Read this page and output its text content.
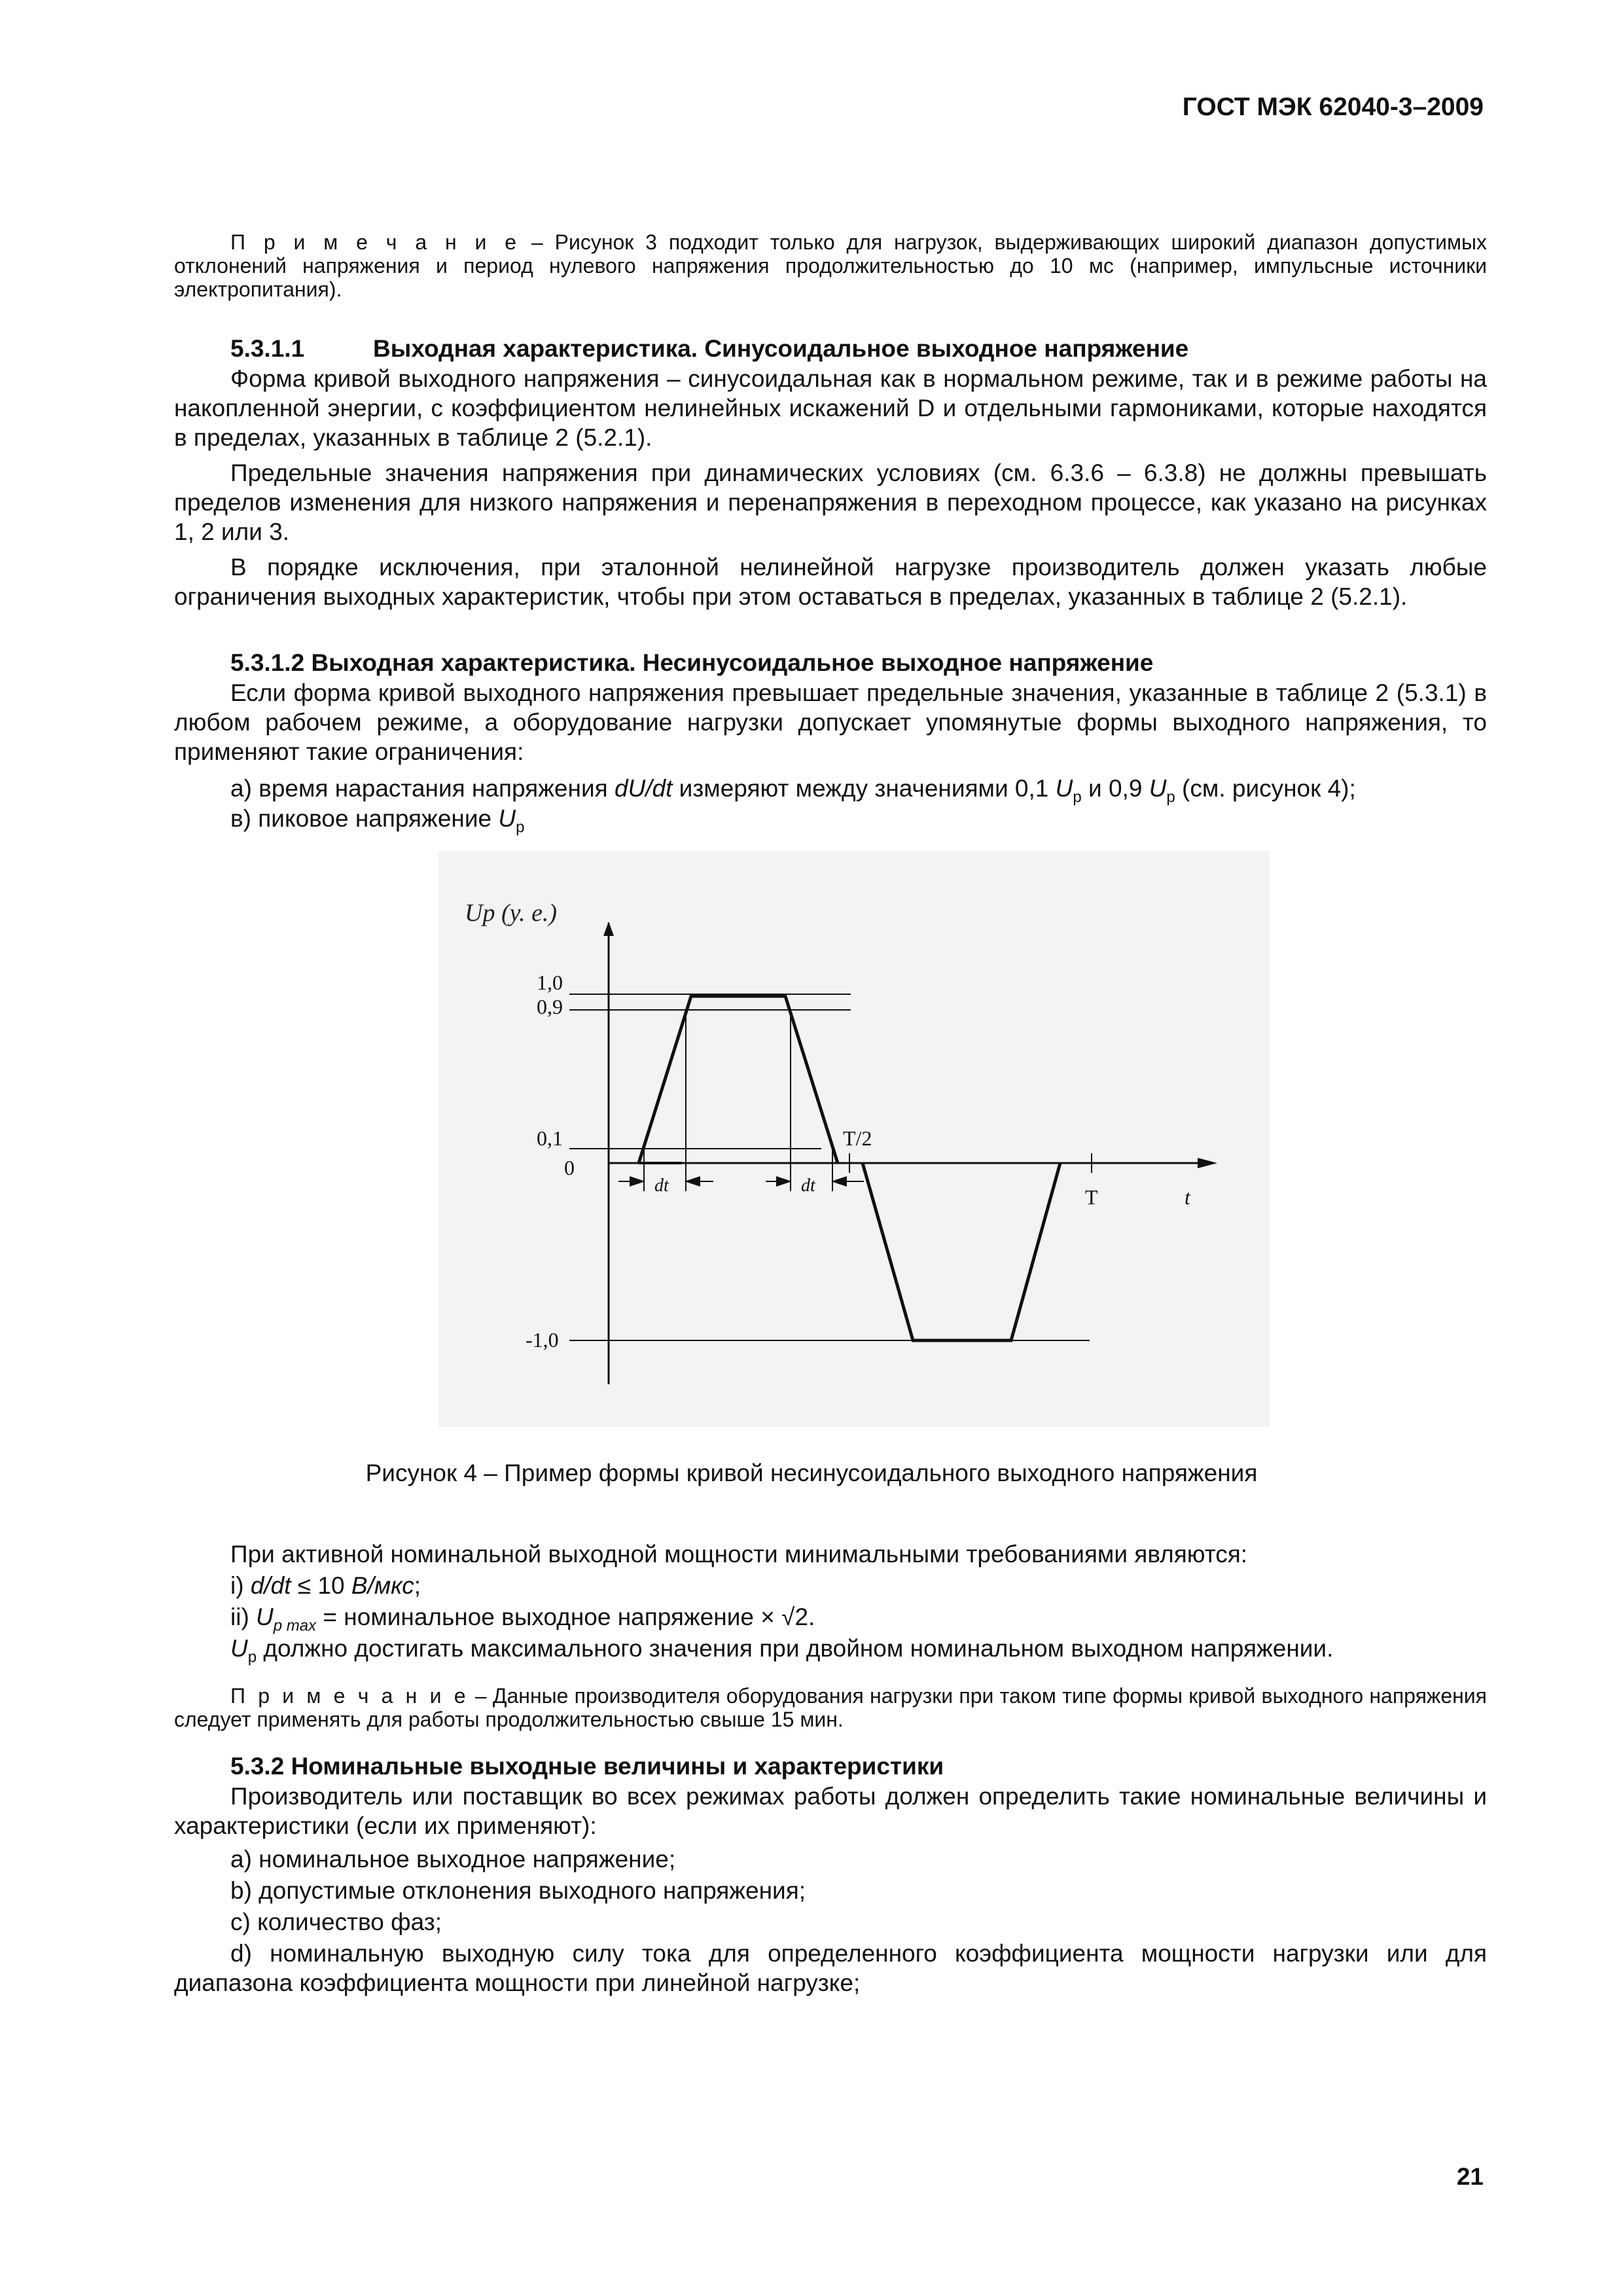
ГОСТ МЭК 62040-3–2009

П р и м е ч а н и е – Рисунок 3 подходит только для нагрузок, выдерживающих широкий диапазон допустимых отклонений напряжения и период нулевого напряжения продолжительностью до 10 мс (например, импульсные источники электропитания).

5.3.1.1	Выходная характеристика. Синусоидальное выходное напряжение

Форма кривой выходного напряжения – синусоидальная как в нормальном режиме, так и в режиме работы на накопленной энергии, с коэффициентом нелинейных искажений D и отдельными гармониками, которые находятся в пределах, указанных в таблице 2 (5.2.1).

Предельные значения напряжения при динамических условиях (см. 6.3.6 – 6.3.8) не должны превышать пределов изменения для низкого напряжения и перенапряжения в переходном процессе, как указано на рисунках 1, 2 или 3.

В порядке исключения, при эталонной нелинейной нагрузке производитель должен указать любые ограничения выходных характеристик, чтобы при этом оставаться в пределах, указанных в таблице 2 (5.2.1).

5.3.1.2 Выходная характеристика. Несинусоидальное выходное напряжение

Если форма кривой выходного напряжения превышает предельные значения, указанные в таблице 2 (5.3.1) в любом рабочем режиме, а оборудование нагрузки допускает упомянутые формы выходного напряжения, то применяют такие ограничения:

а) время нарастания напряжения dU/dt измеряют между значениями 0,1 $U_р$ и 0,9 $U_р$ (см. рисунок 4);

в) пиковое напряжение $U_р$

Up (у. е.)
1,0
0,9
0,1
0
-1,0
T/2
T	t
dt	dt
Рисунок 4 – Пример формы кривой несинусоидального выходного напряжения

При активной номинальной выходной мощности минимальными требованиями являются:

i) d/dt ≤ 10 В/мкс;

ii) $U_{p max}$ = номинальное выходное напряжение × √2.

$U_р$ должно достигать максимального значения при двойном номинальном выходном напряжении.

П р и м е ч а н и е – Данные производителя оборудования нагрузки при таком типе формы кривой выходного напряжения следует применять для работы продолжительностью свыше 15 мин.

5.3.2 Номинальные выходные величины и характеристики

Производитель или поставщик во всех режимах работы должен определить такие номинальные величины и характеристики (если их применяют):

а) номинальное выходное напряжение;

b) допустимые отклонения выходного напряжения;

с) количество фаз;

d) номинальную выходную силу тока для определенного коэффициента мощности нагрузки или для диапазона коэффициента мощности при линейной нагрузке;

21
